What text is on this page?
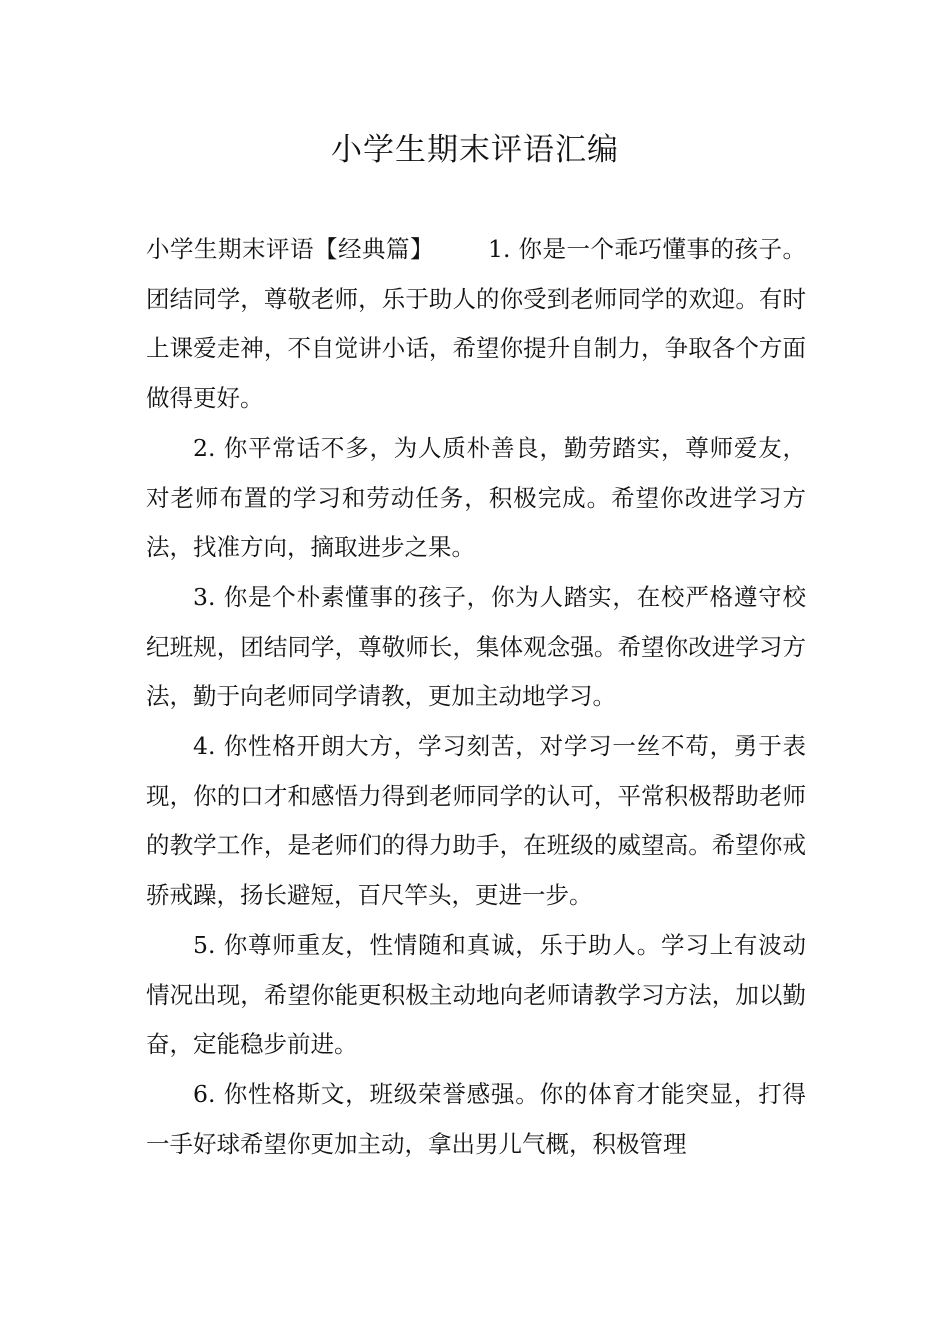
小学生期末评语汇编

小学生期末评语【经典篇】 1. 你是一个乖巧懂事的孩子。团结同学，尊敬老师，乐于助人的你受到老师同学的欢迎。有时上课爱走神，不自觉讲小话，希望你提升自制力，争取各个方面做得更好。

2. 你平常话不多，为人质朴善良，勤劳踏实，尊师爱友，对老师布置的学习和劳动任务，积极完成。希望你改进学习方法，找准方向，摘取进步之果。

3. 你是个朴素懂事的孩子，你为人踏实，在校严格遵守校纪班规，团结同学，尊敬师长，集体观念强。希望你改进学习方法，勤于向老师同学请教，更加主动地学习。

4. 你性格开朗大方，学习刻苦，对学习一丝不苟，勇于表现，你的口才和感悟力得到老师同学的认可，平常积极帮助老师的教学工作，是老师们的得力助手，在班级的威望高。希望你戒骄戒躁，扬长避短，百尺竿头，更进一步。

5. 你尊师重友，性情随和真诚，乐于助人。学习上有波动情况出现，希望你能更积极主动地向老师请教学习方法，加以勤奋，定能稳步前进。

6. 你性格斯文，班级荣誉感强。你的体育才能突显，打得一手好球希望你更加主动，拿出男儿气概，积极管理
